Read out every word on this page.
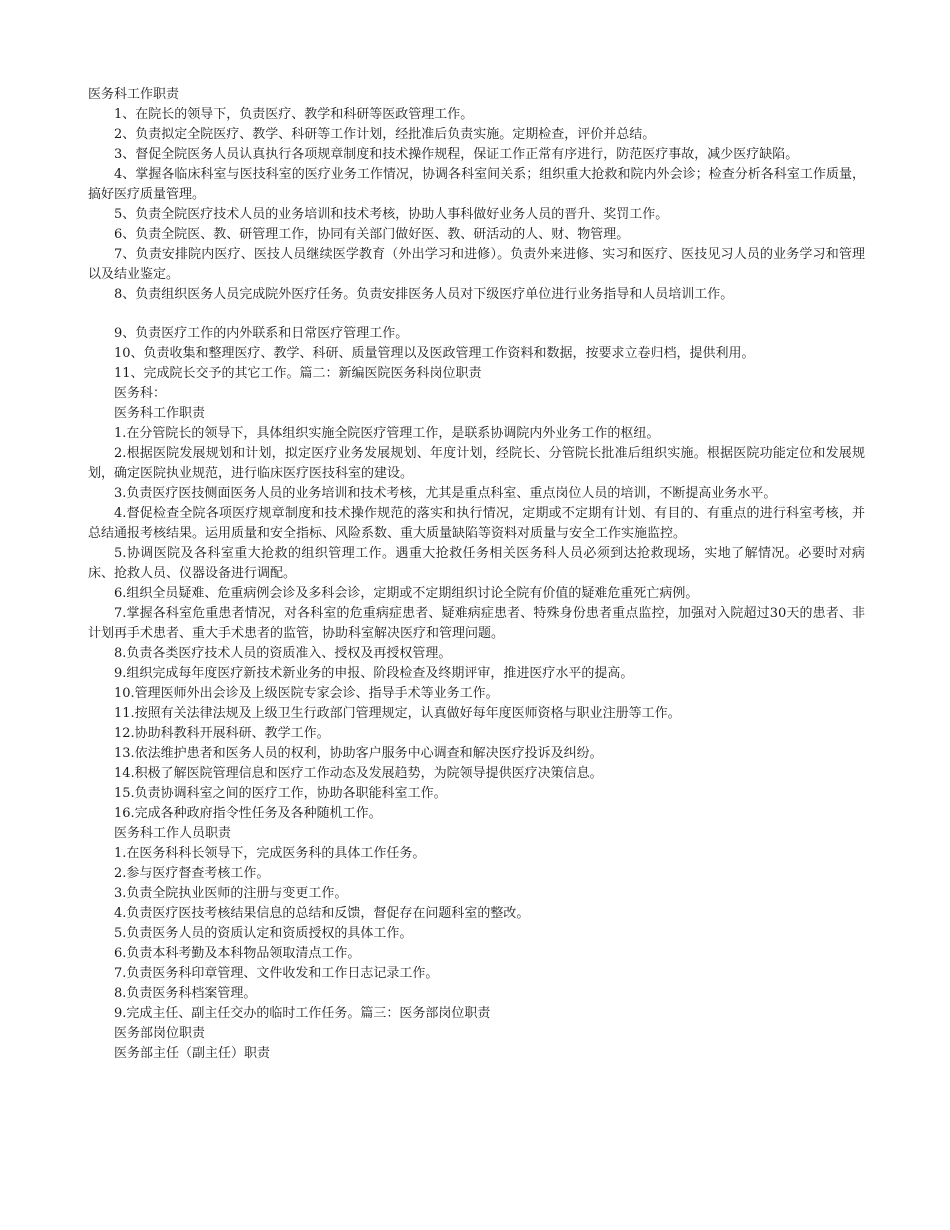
医务科工作职责

1、在院长的领导下，负责医疗、教学和科研等医政管理工作。

2、负责拟定全院医疗、教学、科研等工作计划，经批准后负责实施。定期检查，评价并总结。

3、督促全院医务人员认真执行各项规章制度和技术操作规程，保证工作正常有序进行，防范医疗事故，减少医疗缺陷。

4、掌握各临床科室与医技科室的医疗业务工作情况，协调各科室间关系；组织重大抢救和院内外会诊；检查分析各科室工作质量，搞好医疗质量管理。

5、负责全院医疗技术人员的业务培训和技术考核，协助人事科做好业务人员的晋升、奖罚工作。

6、负责全院医、教、研管理工作，协同有关部门做好医、教、研活动的人、财、物管理。

7、负责安排院内医疗、医技人员继续医学教育（外出学习和进修）。负责外来进修、实习和医疗、医技见习人员的业务学习和管理以及结业鉴定。

8、负责组织医务人员完成院外医疗任务。负责安排医务人员对下级医疗单位进行业务指导和人员培训工作。

9、负责医疗工作的内外联系和日常医疗管理工作。

10、负责收集和整理医疗、教学、科研、质量管理以及医政管理工作资料和数据，按要求立卷归档，提供利用。

11、完成院长交予的其它工作。篇二：新编医院医务科岗位职责

医务科：

医务科工作职责

1.在分管院长的领导下，具体组织实施全院医疗管理工作，是联系协调院内外业务工作的枢纽。

2.根据医院发展规划和计划，拟定医疗业务发展规划、年度计划，经院长、分管院长批准后组织实施。根据医院功能定位和发展规划，确定医院执业规范，进行临床医疗医技科室的建设。

3.负责医疗医技侧面医务人员的业务培训和技术考核，尤其是重点科室、重点岗位人员的培训，不断提高业务水平。

4.督促检查全院各项医疗规章制度和技术操作规范的落实和执行情况，定期或不定期有计划、有目的、有重点的进行科室考核，并总结通报考核结果。运用质量和安全指标、风险系数、重大质量缺陷等资料对质量与安全工作实施监控。

5.协调医院及各科室重大抢救的组织管理工作。遇重大抢救任务相关医务科人员必须到达抢救现场，实地了解情况。必要时对病床、抢救人员、仪器设备进行调配。

6.组织全员疑难、危重病例会诊及多科会诊，定期或不定期组织讨论全院有价值的疑难危重死亡病例。

7.掌握各科室危重患者情况，对各科室的危重病症患者、疑难病症患者、特殊身份患者重点监控，加强对入院超过30天的患者、非计划再手术患者、重大手术患者的监管，协助科室解决医疗和管理问题。

8.负责各类医疗技术人员的资质准入、授权及再授权管理。

9.组织完成每年度医疗新技术新业务的申报、阶段检查及终期评审，推进医疗水平的提高。

10.管理医师外出会诊及上级医院专家会诊、指导手术等业务工作。

11.按照有关法律法规及上级卫生行政部门管理规定，认真做好每年度医师资格与职业注册等工作。

12.协助科教科开展科研、教学工作。

13.依法维护患者和医务人员的权利，协助客户服务中心调查和解决医疗投诉及纠纷。

14.积极了解医院管理信息和医疗工作动态及发展趋势，为院领导提供医疗决策信息。

15.负责协调科室之间的医疗工作，协助各职能科室工作。

16.完成各种政府指令性任务及各种随机工作。

医务科工作人员职责

1.在医务科科长领导下，完成医务科的具体工作任务。

2.参与医疗督查考核工作。

3.负责全院执业医师的注册与变更工作。

4.负责医疗医技考核结果信息的总结和反馈，督促存在问题科室的整改。

5.负责医务人员的资质认定和资质授权的具体工作。

6.负责本科考勤及本科物品领取清点工作。

7.负责医务科印章管理、文件收发和工作日志记录工作。

8.负责医务科档案管理。

9.完成主任、副主任交办的临时工作任务。篇三：医务部岗位职责

医务部岗位职责

医务部主任（副主任）职责
